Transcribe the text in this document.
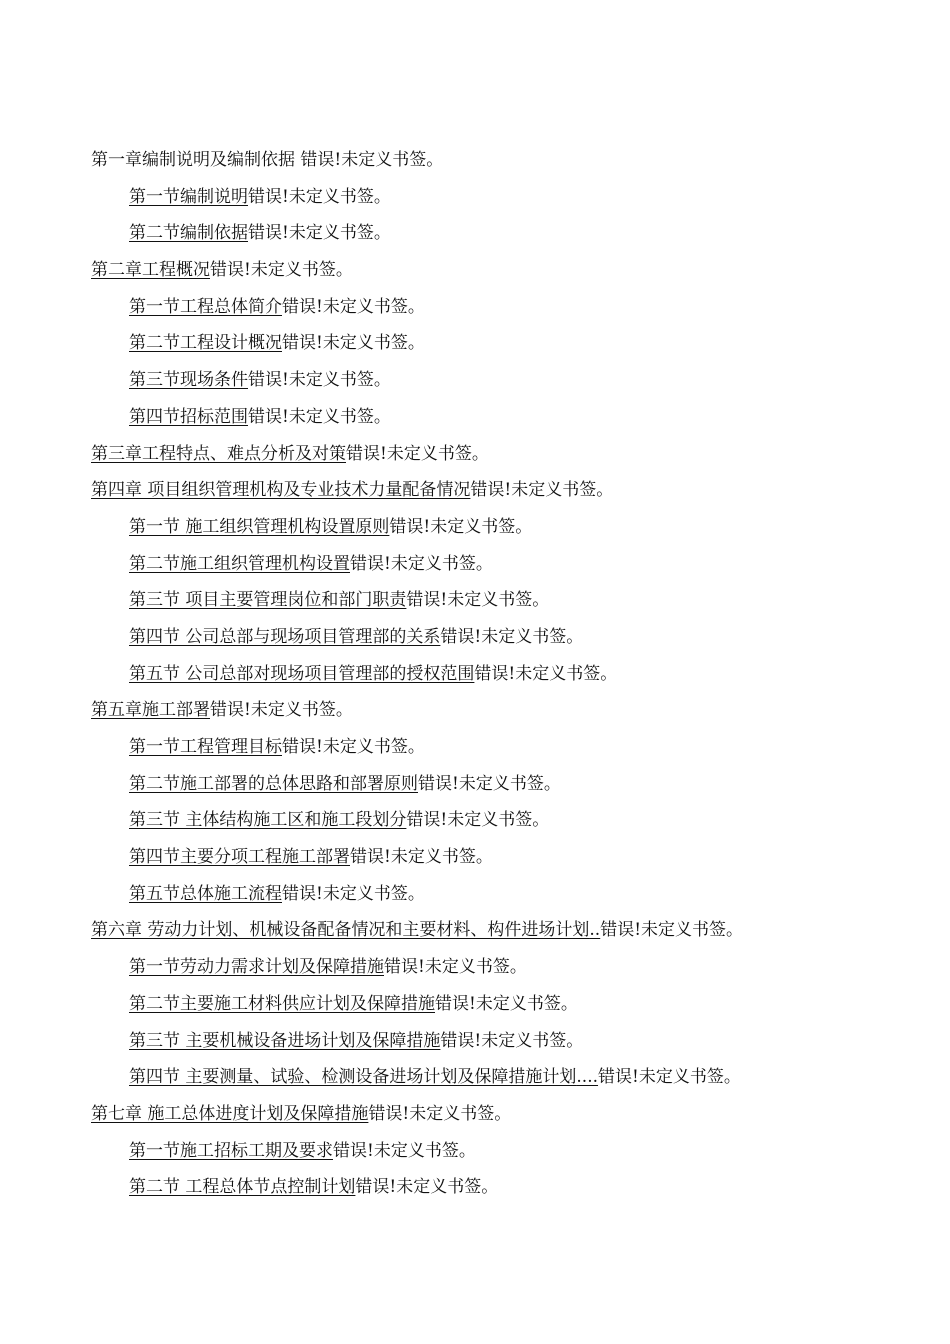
第一章编制说明及编制依据 错误!未定义书签。
第一节编制说明错误!未定义书签。
第二节编制依据错误!未定义书签。
第二章工程概况错误!未定义书签。
第一节工程总体简介错误!未定义书签。
第二节工程设计概况错误!未定义书签。
第三节现场条件错误!未定义书签。
第四节招标范围错误!未定义书签。
第三章工程特点、难点分析及对策错误!未定义书签。
第四章 项目组织管理机构及专业技术力量配备情况错误!未定义书签。
第一节 施工组织管理机构设置原则错误!未定义书签。
第二节施工组织管理机构设置错误!未定义书签。
第三节 项目主要管理岗位和部门职责错误!未定义书签。
第四节 公司总部与现场项目管理部的关系错误!未定义书签。
第五节 公司总部对现场项目管理部的授权范围错误!未定义书签。
第五章施工部署错误!未定义书签。
第一节工程管理目标错误!未定义书签。
第二节施工部署的总体思路和部署原则错误!未定义书签。
第三节 主体结构施工区和施工段划分错误!未定义书签。
第四节主要分项工程施工部署错误!未定义书签。
第五节总体施工流程错误!未定义书签。
第六章 劳动力计划、机械设备配备情况和主要材料、构件进场计划..错误!未定义书签。
第一节劳动力需求计划及保障措施错误!未定义书签。
第二节主要施工材料供应计划及保障措施错误!未定义书签。
第三节 主要机械设备进场计划及保障措施错误!未定义书签。
第四节 主要测量、试验、检测设备进场计划及保障措施计划....错误!未定义书签。
第七章 施工总体进度计划及保障措施错误!未定义书签。
第一节施工招标工期及要求错误!未定义书签。
第二节 工程总体节点控制计划错误!未定义书签。
